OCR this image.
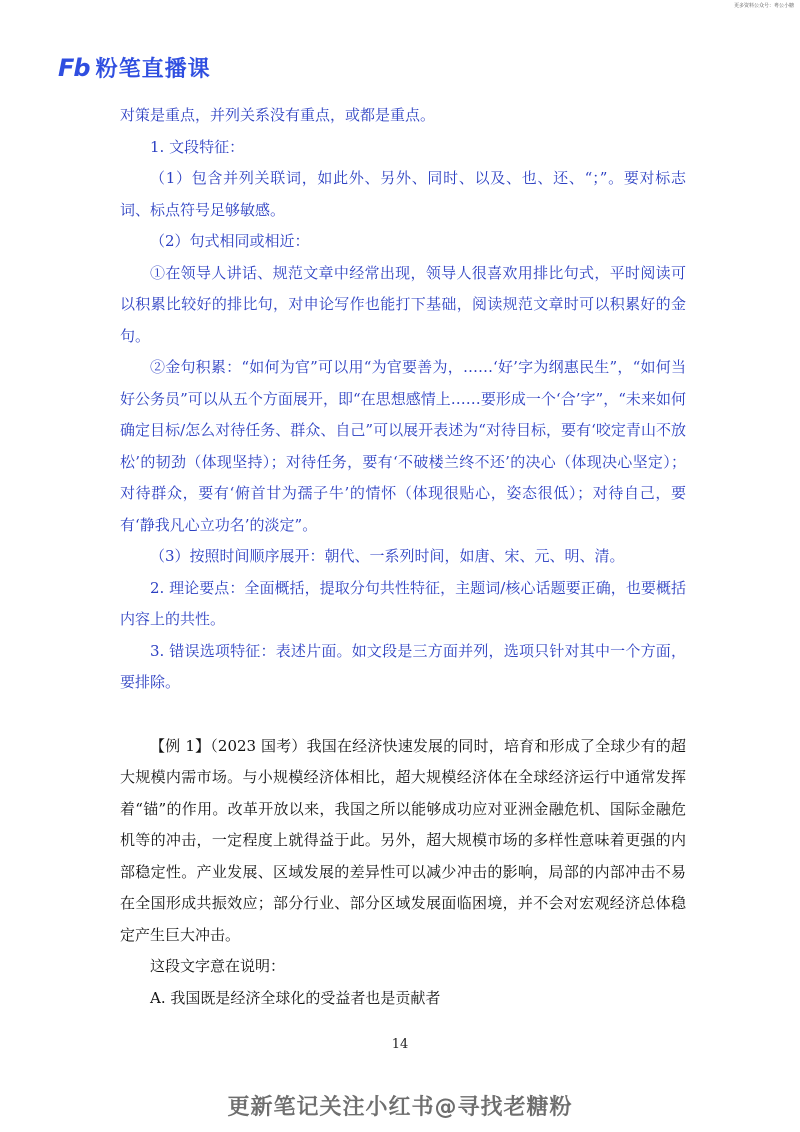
更多资料公众号：粤公小糖
Fb 粉笔直播课

对策是重点，并列关系没有重点，或都是重点。

1. 文段特征：

（1）包含并列关联词，如此外、另外、同时、以及、也、还、“；”。要对标志词、标点符号足够敏感。

（2）句式相同或相近：

①在领导人讲话、规范文章中经常出现，领导人很喜欢用排比句式，平时阅读可以积累比较好的排比句，对申论写作也能打下基础，阅读规范文章时可以积累好的金句。

②金句积累：“如何为官”可以用“为官要善为，……‘好’字为纲惠民生”，“如何当好公务员”可以从五个方面展开，即“在思想感情上……要形成一个‘合’字”，“未来如何确定目标/怎么对待任务、群众、自己”可以展开表述为“对待目标，要有‘咬定青山不放松’的韧劲（体现坚持）；对待任务，要有‘不破楼兰终不还’的决心（体现决心坚定）；对待群众，要有‘俯首甘为孺子牛’的情怀（体现很贴心，姿态很低）；对待自己，要有‘静我凡心立功名’的淡定”。

（3）按照时间顺序展开：朝代、一系列时间，如唐、宋、元、明、清。

2. 理论要点：全面概括，提取分句共性特征，主题词/核心话题要正确，也要概括内容上的共性。

3. 错误选项特征：表述片面。如文段是三方面并列，选项只针对其中一个方面，要排除。

【例 1】（2023 国考）我国在经济快速发展的同时，培育和形成了全球少有的超大规模内需市场。与小规模经济体相比，超大规模经济体在全球经济运行中通常发挥着“锚”的作用。改革开放以来，我国之所以能够成功应对亚洲金融危机、国际金融危机等的冲击，一定程度上就得益于此。另外，超大规模市场的多样性意味着更强的内部稳定性。产业发展、区域发展的差异性可以减少冲击的影响，局部的内部冲击不易在全国形成共振效应；部分行业、部分区域发展面临困境，并不会对宏观经济总体稳定产生巨大冲击。

这段文字意在说明：

A. 我国既是经济全球化的受益者也是贡献者

14
更新笔记关注小红书@寻找老糖粉
